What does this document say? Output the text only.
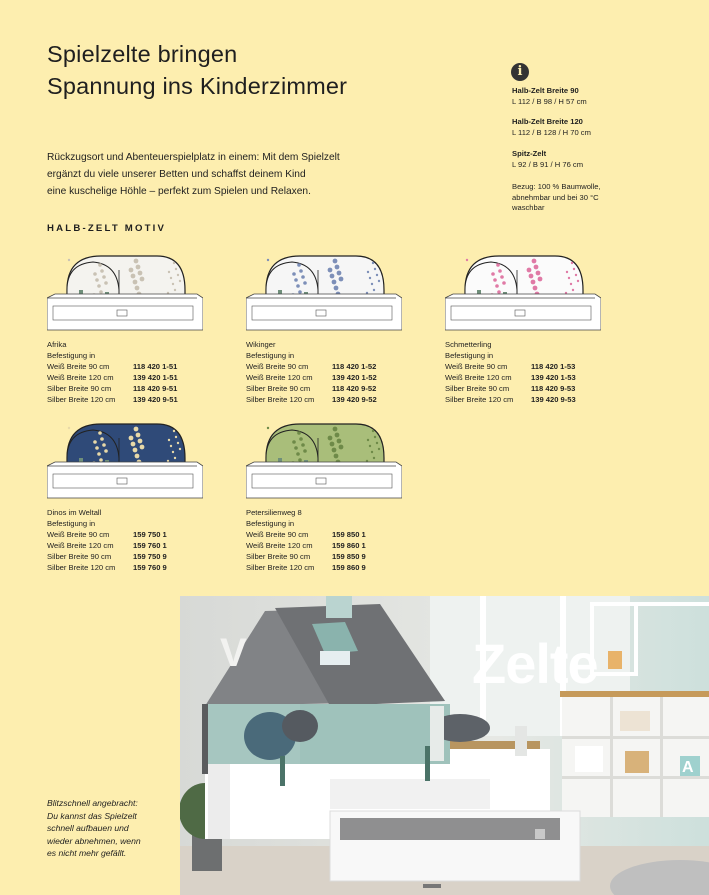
Spielzelte bringen
Spannung ins Kinderzimmer
Rückzugsort und Abenteuerspielplatz in einem: Mit dem Spielzelt
ergänzt du viele unserer Betten und schaffst deinem Kind
eine kuschelige Höhle – perfekt zum Spielen und Relaxen.
i
Halb-Zelt Breite 90
L 112 / B 98 / H 57 cm
Halb-Zelt Breite 120
L 112 / B 128 / H 70 cm
Spitz-Zelt
L 92 / B 91 / H 76 cm
Bezug: 100 % Baumwolle, abnehmbar und bei 30 °C waschbar
HALB-ZELT MOTIV
Afrika
Befestigung in
Weiß Breite 90 cm	118 420 1-51
Weiß Breite 120 cm	139 420 1-51
Silber Breite 90 cm	118 420 9-51
Silber Breite 120 cm	139 420 9-51
Wikinger
Befestigung in
Weiß Breite 90 cm	118 420 1-52
Weiß Breite 120 cm	139 420 1-52
Silber Breite 90 cm	118 420 9-52
Silber Breite 120 cm	139 420 9-52
Schmetterling
Befestigung in
Weiß Breite 90 cm	118 420 1-53
Weiß Breite 120 cm	139 420 1-53
Silber Breite 90 cm	118 420 9-53
Silber Breite 120 cm	139 420 9-53
Dinos im Weltall
Befestigung in
Weiß Breite 90 cm	159 750 1
Weiß Breite 120 cm	159 760 1
Silber Breite 90 cm	159 750 9
Silber Breite 120 cm	159 760 9
Petersilienweg 8
Befestigung in
Weiß Breite 90 cm	159 850 1
Weiß Breite 120 cm	159 860 1
Silber Breite 90 cm	159 850 9
Silber Breite 120 cm	159 860 9
A
V	Zelte
Blitzschnell angebracht:
Du kannst das Spielzelt
schnell aufbauen und
wieder abnehmen, wenn
es nicht mehr gefällt.
